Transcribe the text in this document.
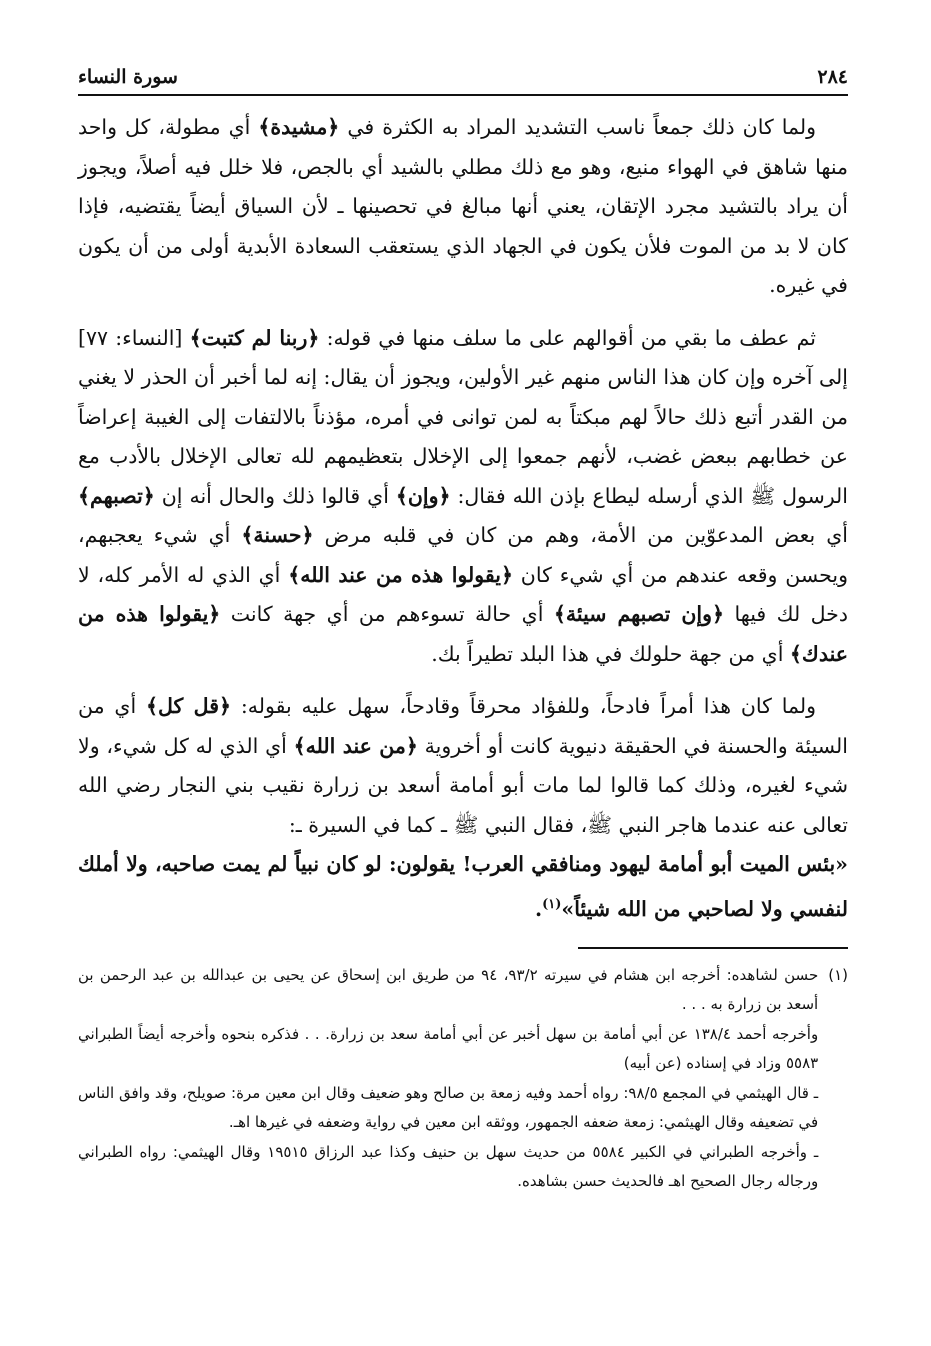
٢٨٤
سورة النساء

ولما كان ذلك جمعاً ناسب التشديد المراد به الكثرة في ﴿مشيدة﴾ أي مطولة، كل واحد منها شاهق في الهواء منيع، وهو مع ذلك مطلي بالشيد أي بالجص، فلا خلل فيه أصلاً، ويجوز أن يراد بالتشيد مجرد الإتقان، يعني أنها مبالغ في تحصينها ـ لأن السياق أيضاً يقتضيه، فإذا كان لا بد من الموت فلأن يكون في الجهاد الذي يستعقب السعادة الأبدية أولى من أن يكون في غيره.

ثم عطف ما بقي من أقوالهم على ما سلف منها في قوله: ﴿ربنا لم كتبت﴾ [النساء: ٧٧] إلى آخره وإن كان هذا الناس منهم غير الأولين، ويجوز أن يقال: إنه لما أخبر أن الحذر لا يغني من القدر أتبع ذلك حالاً لهم مبكتاً به لمن توانى في أمره، مؤذناً بالالتفات إلى الغيبة إعراضاً عن خطابهم ببعض غضب، لأنهم جمعوا إلى الإخلال بتعظيمهم لله تعالى الإخلال بالأدب مع الرسول ﷺ الذي أرسله ليطاع بإذن الله فقال: ﴿وإن﴾ أي قالوا ذلك والحال أنه إن ﴿تصبهم﴾ أي بعض المدعوّين من الأمة، وهم من كان في قلبه مرض ﴿حسنة﴾ أي شيء يعجبهم، ويحسن وقعه عندهم من أي شيء كان ﴿يقولوا هذه من عند الله﴾ أي الذي له الأمر كله، لا دخل لك فيها ﴿وإن تصبهم سيئة﴾ أي حالة تسوءهم من أي جهة كانت ﴿يقولوا هذه من عندك﴾ أي من جهة حلولك في هذا البلد تطيراً بك.

ولما كان هذا أمراً فادحاً، وللفؤاد محرقاً وقادحاً، سهل عليه بقوله: ﴿قل كل﴾ أي من السيئة والحسنة في الحقيقة دنيوية كانت أو أخروية ﴿من عند الله﴾ أي الذي له كل شيء، ولا شيء لغيره، وذلك كما قالوا لما مات أبو أمامة أسعد بن زرارة نقيب بني النجار رضي الله تعالى عنه عندما هاجر النبي ﷺ، فقال النبي ﷺ ـ كما في السيرة ـ:

«بئس الميت أبو أمامة ليهود ومنافقي العرب! يقولون: لو كان نبياً لم يمت صاحبه، ولا أملك لنفسي ولا لصاحبي من الله شيئاً»$^{(١)}$.

(١)
حسن لشاهده: أخرجه ابن هشام في سيرته ٩٣/٢، ٩٤ من طريق ابن إسحاق عن يحيى بن عبدالله بن عبد الرحمن بن أسعد بن زرارة به . . .
وأخرجه أحمد ١٣٨/٤ عن أبي أمامة بن سهل أخبر عن أبي أمامة سعد بن زرارة. . . فذكره بنحوه وأخرجه أيضاً الطبراني ٥٥٨٣ وزاد في إسناده (عن أبيه)
ـ قال الهيثمي في المجمع ٩٨/٥: رواه أحمد وفيه زمعة بن صالح وهو ضعيف وقال ابن معين مرة: صويلح، وقد وافق الناس في تضعيفه وقال الهيثمي: زمعة ضعفه الجمهور، ووثقه ابن معين في رواية وضعفه في غيرها اهـ.
ـ وأخرجه الطبراني في الكبير ٥٥٨٤ من حديث سهل بن حنيف وكذا عبد الرزاق ١٩٥١٥ وقال الهيثمي: رواه الطبراني ورجاله رجال الصحيح اهـ فالحديث حسن بشاهده.
